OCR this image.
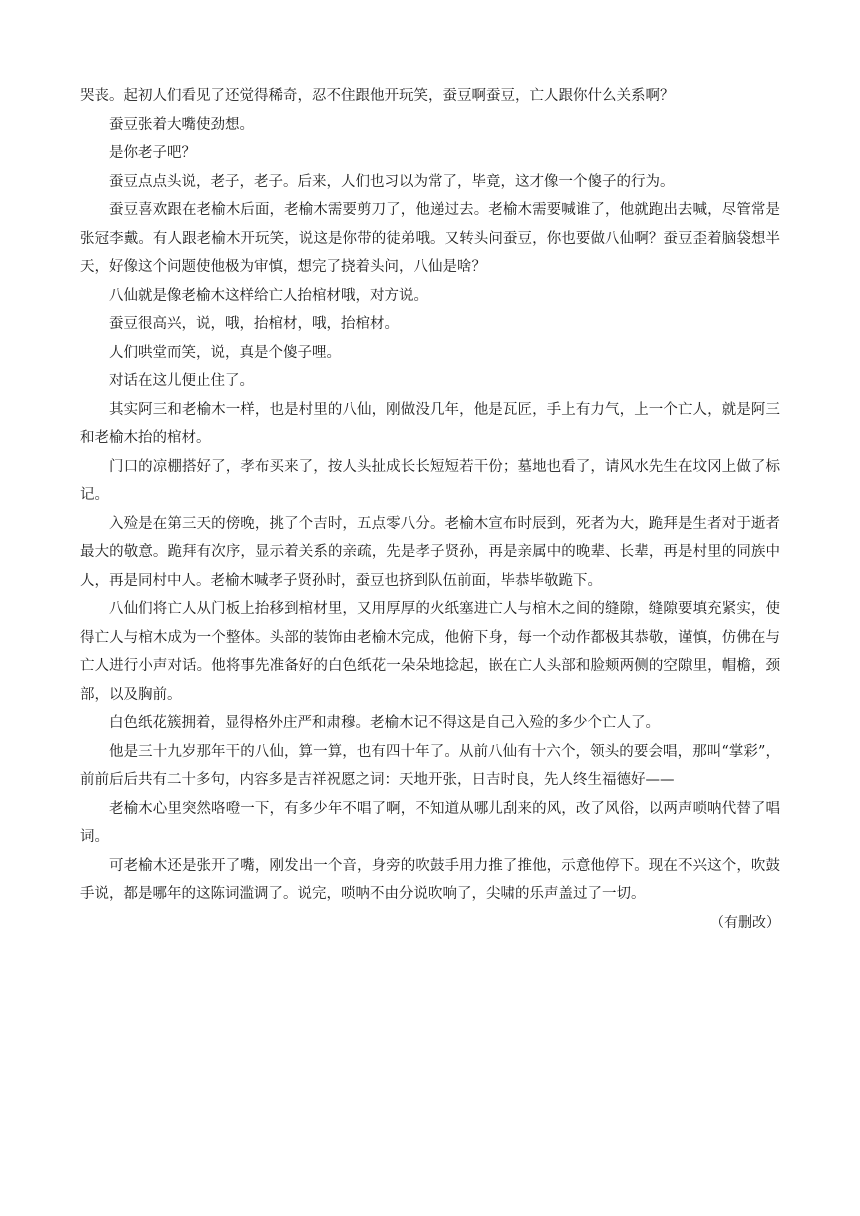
哭丧。起初人们看见了还觉得稀奇，忍不住跟他开玩笑，蚕豆啊蚕豆，亡人跟你什么关系啊？

蚕豆张着大嘴使劲想。

是你老子吧？

蚕豆点点头说，老子，老子。后来，人们也习以为常了，毕竟，这才像一个傻子的行为。

蚕豆喜欢跟在老榆木后面，老榆木需要剪刀了，他递过去。老榆木需要喊谁了，他就跑出去喊，尽管常是张冠李戴。有人跟老榆木开玩笑，说这是你带的徒弟哦。又转头问蚕豆，你也要做八仙啊？蚕豆歪着脑袋想半天，好像这个问题使他极为审慎，想完了挠着头问，八仙是啥？

八仙就是像老榆木这样给亡人抬棺材哦，对方说。

蚕豆很高兴，说，哦，抬棺材，哦，抬棺材。

人们哄堂而笑，说，真是个傻子哩。

对话在这儿便止住了。

其实阿三和老榆木一样，也是村里的八仙，刚做没几年，他是瓦匠，手上有力气，上一个亡人，就是阿三和老榆木抬的棺材。

门口的凉棚搭好了，孝布买来了，按人头扯成长长短短若干份；墓地也看了，请风水先生在坟冈上做了标记。

入殓是在第三天的傍晚，挑了个吉时，五点零八分。老榆木宣布时辰到，死者为大，跪拜是生者对于逝者最大的敬意。跪拜有次序，显示着关系的亲疏，先是孝子贤孙，再是亲属中的晚辈、长辈，再是村里的同族中人，再是同村中人。老榆木喊孝子贤孙时，蚕豆也挤到队伍前面，毕恭毕敬跪下。

八仙们将亡人从门板上抬移到棺材里，又用厚厚的火纸塞进亡人与棺木之间的缝隙，缝隙要填充紧实，使得亡人与棺木成为一个整体。头部的装饰由老榆木完成，他俯下身，每一个动作都极其恭敬，谨慎，仿佛在与亡人进行小声对话。他将事先准备好的白色纸花一朵朵地捻起，嵌在亡人头部和脸颊两侧的空隙里，帽檐，颈部，以及胸前。

白色纸花簇拥着，显得格外庄严和肃穆。老榆木记不得这是自己入殓的多少个亡人了。

他是三十九岁那年干的八仙，算一算，也有四十年了。从前八仙有十六个，领头的要会唱，那叫“掌彩”，前前后后共有二十多句，内容多是吉祥祝愿之词：天地开张，日吉时良，先人终生福德好——

老榆木心里突然咯噔一下，有多少年不唱了啊，不知道从哪儿刮来的风，改了风俗，以两声唢呐代替了唱词。

可老榆木还是张开了嘴，刚发出一个音，身旁的吹鼓手用力推了推他，示意他停下。现在不兴这个，吹鼓手说，都是哪年的这陈词滥调了。说完，唢呐不由分说吹响了，尖啸的乐声盖过了一切。

（有删改）
